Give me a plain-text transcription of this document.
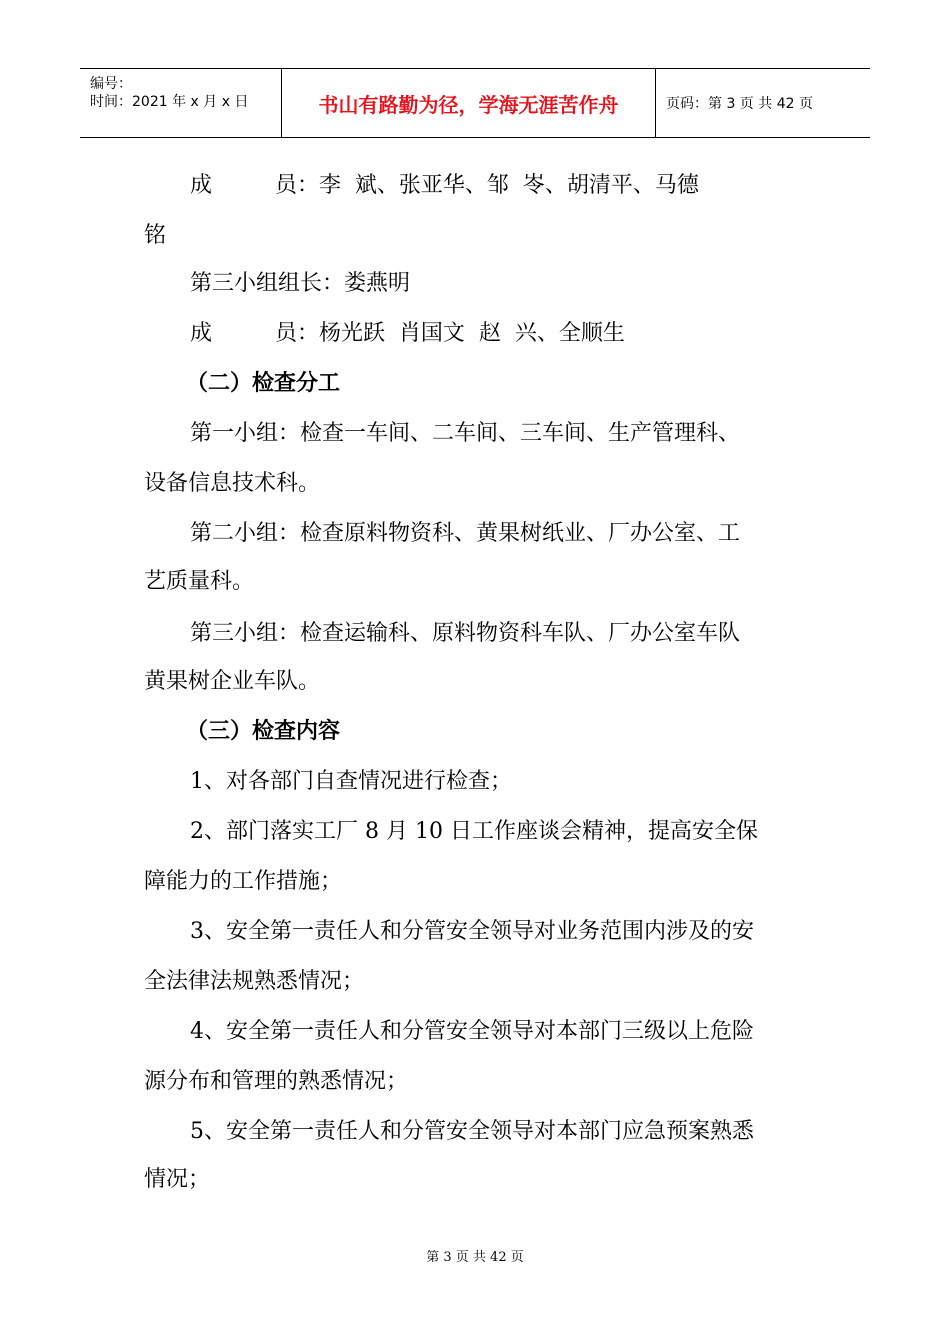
编号：
时间：2021 年 x 月 x 日	书山有路勤为径，学海无涯苦作舟	页码：第 3 页 共 42 页
成         员：李  斌、张亚华、邹  岺、胡清平、马德
铭
第三小组组长：娄燕明
成         员：杨光跃  肖国文  赵  兴、全顺生
（二）检查分工
第一小组：检查一车间、二车间、三车间、生产管理科、
设备信息技术科。
第二小组：检查原料物资科、黄果树纸业、厂办公室、工
艺质量科。
第三小组：检查运输科、原料物资科车队、厂办公室车队
黄果树企业车队。
（三）检查内容
1、对各部门自查情况进行检查；
2、部门落实工厂 8 月 10 日工作座谈会精神，提高安全保
障能力的工作措施；
3、安全第一责任人和分管安全领导对业务范围内涉及的安
全法律法规熟悉情况；
4、安全第一责任人和分管安全领导对本部门三级以上危险
源分布和管理的熟悉情况；
5、安全第一责任人和分管安全领导对本部门应急预案熟悉
情况；
第 3 页 共 42 页
